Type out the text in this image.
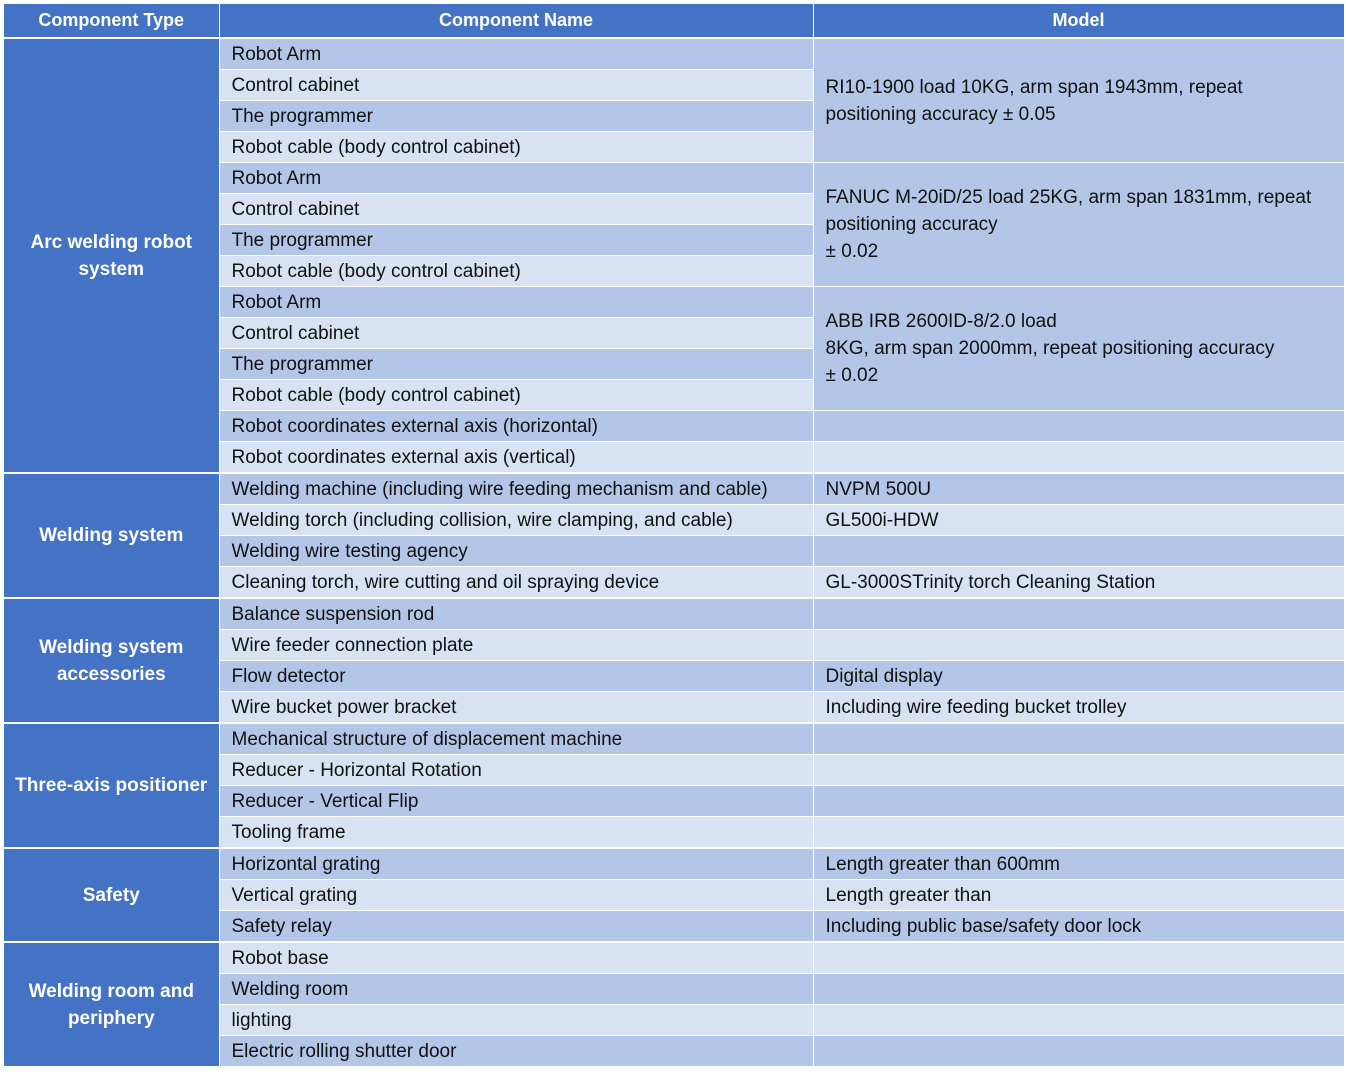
Component Type	Component Name	Model
Arc welding robot system	Robot Arm	RI10-1900 load 10KG, arm span 1943mm, repeat positioning accuracy ± 0.05
	Control cabinet	
	The programmer	
	Robot cable (body control cabinet)	
	Robot Arm	FANUC M-20iD/25 load 25KG, arm span 1831mm, repeat positioning accuracy
± 0.02
	Control cabinet	
	The programmer	
	Robot cable (body control cabinet)	
	Robot Arm	ABB IRB 2600ID-8/2.0 load
8KG, arm span 2000mm, repeat positioning accuracy
± 0.02
	Control cabinet	
	The programmer	
	Robot cable (body control cabinet)	
	Robot coordinates external axis (horizontal)	
	Robot coordinates external axis (vertical)	
Welding system	Welding machine (including wire feeding mechanism and cable)	NVPM 500U
	Welding torch (including collision, wire clamping, and cable)	GL500i-HDW
	Welding wire testing agency	
	Cleaning torch, wire cutting and oil spraying device	GL-3000STrinity torch Cleaning Station
Welding system accessories	Balance suspension rod	
	Wire feeder connection plate	
	Flow detector	Digital display
	Wire bucket power bracket	Including wire feeding bucket trolley
Three-axis positioner	Mechanical structure of displacement machine	
	Reducer - Horizontal Rotation	
	Reducer - Vertical Flip	
	Tooling frame	
Safety	Horizontal grating	Length greater than 600mm
	Vertical grating	Length greater than
	Safety relay	Including public base/safety door lock
Welding room and periphery	Robot base	
	Welding room	
	lighting	
	Electric rolling shutter door	
